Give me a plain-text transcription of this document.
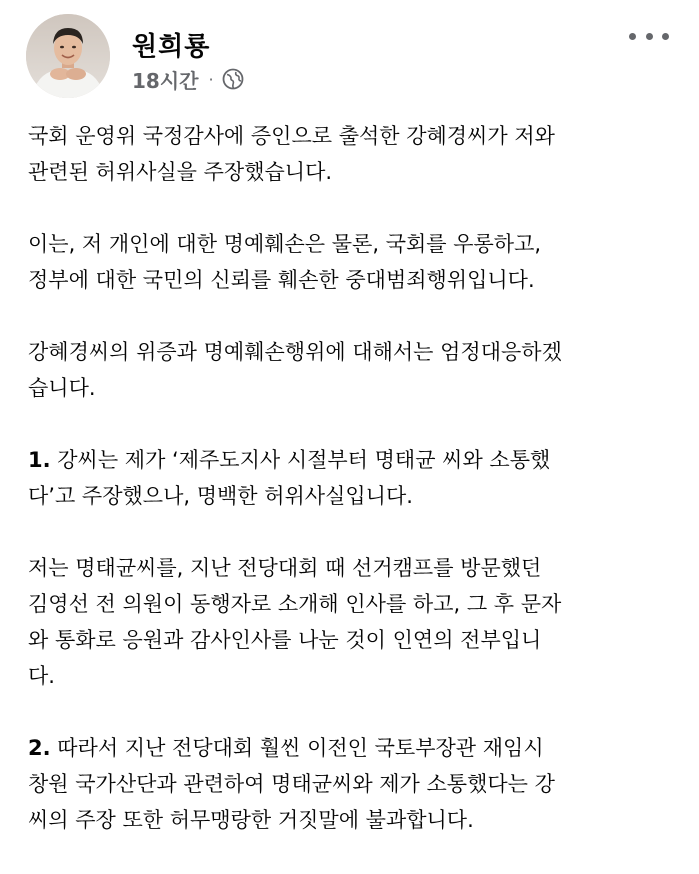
원희룡
18시간 ·

국회 운영위 국정감사에 증인으로 출석한 강혜경씨가 저와
관련된 허위사실을 주장했습니다.

이는, 저 개인에 대한 명예훼손은 물론, 국회를 우롱하고,
정부에 대한 국민의 신뢰를 훼손한 중대범죄행위입니다.

강혜경씨의 위증과 명예훼손행위에 대해서는 엄정대응하겠
습니다.

1. 강씨는 제가 ‘제주도지사 시절부터 명태균 씨와 소통했
다’고 주장했으나, 명백한 허위사실입니다.

저는 명태균씨를, 지난 전당대회 때 선거캠프를 방문했던
김영선 전 의원이 동행자로 소개해 인사를 하고, 그 후 문자
와 통화로 응원과 감사인사를 나눈 것이 인연의 전부입니
다.

2. 따라서 지난 전당대회 훨씬 이전인 국토부장관 재임시
창원 국가산단과 관련하여 명태균씨와 제가 소통했다는 강
씨의 주장 또한 허무맹랑한 거짓말에 불과합니다.
